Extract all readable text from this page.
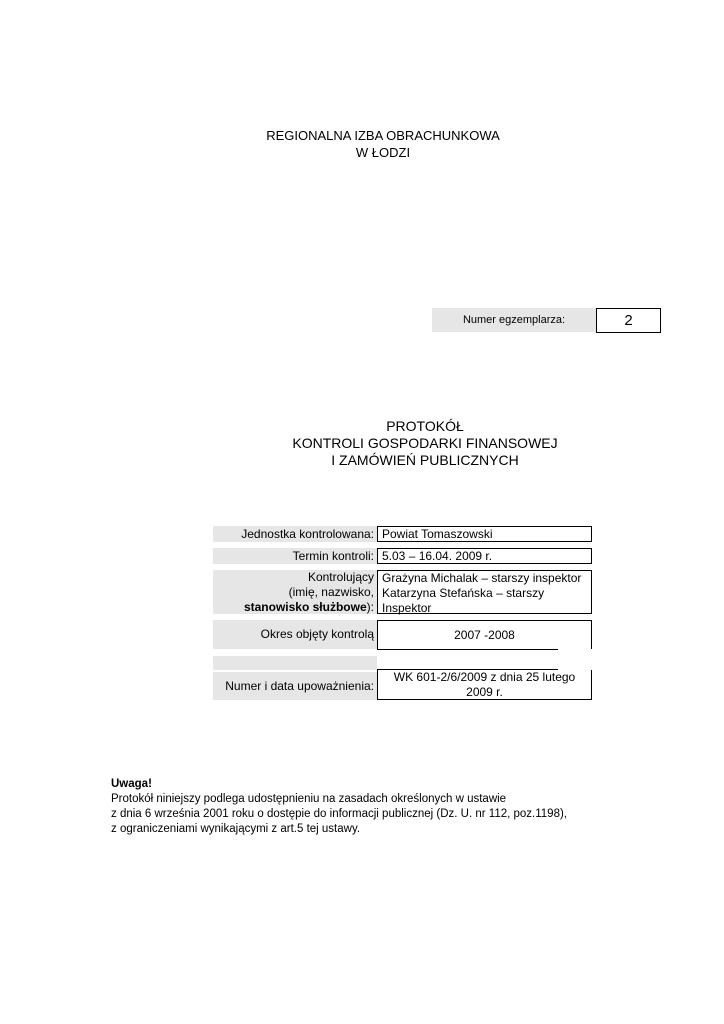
REGIONALNA IZBA OBRACHUNKOWA
W ŁODZI
Numer egzemplarza:	2
PROTOKÓŁ
KONTROLI GOSPODARKI FINANSOWEJ
I ZAMÓWIEŃ PUBLICZNYCH
Jednostka kontrolowana: Powiat Tomaszowski
Termin kontroli: 5.03 – 16.04. 2009 r.
Kontrolujący
(imię, nazwisko,
stanowisko służbowe):
Grażyna Michalak – starszy inspektor
Katarzyna Stefańska – starszy
Inspektor
Okres objęty kontrolą	2007 -2008
Numer i data upoważnienia:
WK 601-2/6/2009 z dnia 25 lutego
2009 r.
Uwaga!
Protokół niniejszy podlega udostępnieniu na zasadach określonych w ustawie
z dnia 6 września 2001 roku o dostępie do informacji publicznej (Dz. U. nr 112, poz.1198),
z ograniczeniami wynikającymi z art.5 tej ustawy.
